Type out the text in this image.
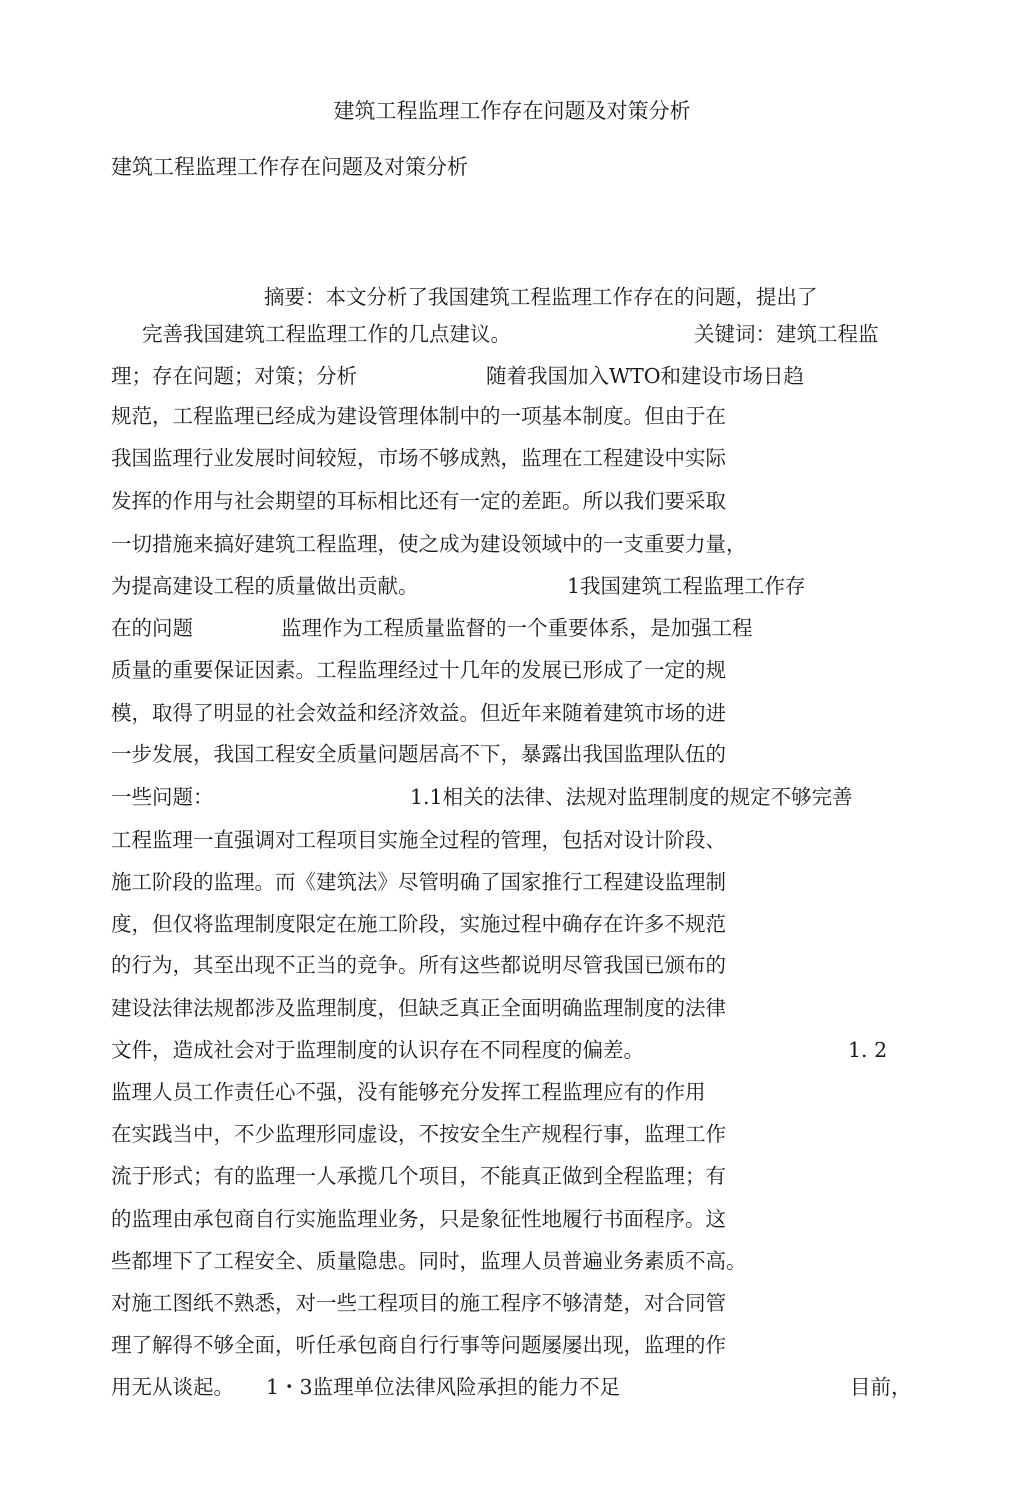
建筑工程监理工作存在问题及对策分析
建筑工程监理工作存在问题及对策分析
摘要：本文分析了我国建筑工程监理工作存在的问题，提出了
完善我国建筑工程监理工作的几点建议。	关键词：建筑工程监
理；存在问题；对策；分析	随着我国加入WTO和建设市场日趋
规范，工程监理已经成为建设管理体制中的一项基本制度。但由于在
我国监理行业发展时间较短，市场不够成熟，监理在工程建设中实际
发挥的作用与社会期望的耳标相比还有一定的差距。所以我们要采取
一切措施来搞好建筑工程监理，使之成为建设领域中的一支重要力量，
为提高建设工程的质量做出贡献。	1我国建筑工程监理工作存
在的问题	监理作为工程质量监督的一个重要体系，是加强工程
质量的重要保证因素。工程监理经过十几年的发展已形成了一定的规
模，取得了明显的社会效益和经济效益。但近年来随着建筑市场的进
一步发展，我国工程安全质量问题居高不下，暴露出我国监理队伍的
一些问题：	1.1相关的法律、法规对监理制度的规定不够完善
工程监理一直强调对工程项目实施全过程的管理，包括对设计阶段、
施工阶段的监理。而《建筑法》尽管明确了国家推行工程建设监理制
度，但仅将监理制度限定在施工阶段，实施过程中确存在许多不规范
的行为，其至出现不正当的竞争。所有这些都说明尽管我国已颁布的
建设法律法规都涉及监理制度，但缺乏真正全面明确监理制度的法律
文件，造成社会对于监理制度的认识存在不同程度的偏差。	1. 2
监理人员工作责任心不强，没有能够充分发挥工程监理应有的作用
在实践当中，不少监理形同虚设，不按安全生产规程行事，监理工作
流于形式；有的监理一人承揽几个项目，不能真正做到全程监理；有
的监理由承包商自行实施监理业务，只是象征性地履行书面程序。这
些都埋下了工程安全、质量隐患。同时，监理人员普遍业务素质不高。
对施工图纸不熟悉，对一些工程项目的施工程序不够清楚，对合同管
理了解得不够全面，听任承包商自行行事等问题屡屡出现，监理的作
用无从谈起。 1・3监理单位法律风险承担的能力不足	目前，
